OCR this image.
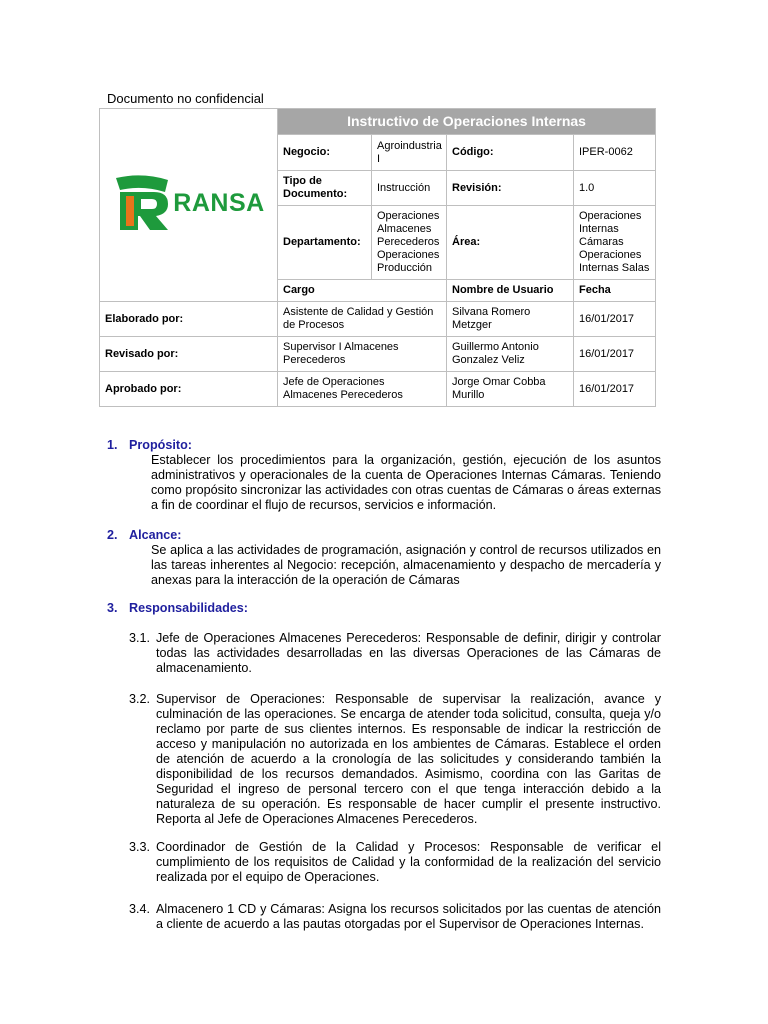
Documento no confidencial
RANSA	Instructivo de Operaciones Internas			
	Negocio:	Agroindustria I	Código:	IPER-0062
	Tipo de Documento:	Instrucción	Revisión:	1.0
	Departamento:	Operaciones Almacenes Perecederos Operaciones Producción	Área:	Operaciones Internas Cámaras Operaciones Internas Salas
	Cargo		Nombre de Usuario	Fecha
Elaborado por:	Asistente de Calidad y Gestión de Procesos		Silvana Romero Metzger	16/01/2017
Revisado por:	Supervisor I Almacenes Perecederos		Guillermo Antonio Gonzalez Veliz	16/01/2017
Aprobado por:	Jefe de Operaciones Almacenes Perecederos		Jorge Omar Cobba Murillo	16/01/2017
1. Propósito:
Establecer los procedimientos para la organización, gestión, ejecución de los asuntos administrativos y operacionales de la cuenta de Operaciones Internas Cámaras. Teniendo como propósito sincronizar las actividades con otras cuentas de Cámaras o áreas externas a fin de coordinar el flujo de recursos, servicios e información.
2. Alcance:
Se aplica a las actividades de programación, asignación y control de recursos utilizados en las tareas inherentes al Negocio: recepción, almacenamiento y despacho de mercadería y anexas para la interacción de la operación de Cámaras
3. Responsabilidades:
3.1. Jefe de Operaciones Almacenes Perecederos: Responsable de definir, dirigir y controlar todas las actividades desarrolladas en las diversas Operaciones de las Cámaras de almacenamiento.
3.2. Supervisor de Operaciones: Responsable de supervisar la realización, avance y culminación de las operaciones. Se encarga de atender toda solicitud, consulta, queja y/o reclamo por parte de sus clientes internos. Es responsable de indicar la restricción de acceso y manipulación no autorizada en los ambientes de Cámaras. Establece el orden de atención de acuerdo a la cronología de las solicitudes y considerando también la disponibilidad de los recursos demandados. Asimismo, coordina con las Garitas de Seguridad el ingreso de personal tercero con el que tenga interacción debido a la naturaleza de su operación. Es responsable de hacer cumplir el presente instructivo. Reporta al Jefe de Operaciones Almacenes Perecederos.
3.3. Coordinador de Gestión de la Calidad y Procesos: Responsable de verificar el cumplimiento de los requisitos de Calidad y la conformidad de la realización del servicio realizada por el equipo de Operaciones.
3.4. Almacenero 1 CD y Cámaras: Asigna los recursos solicitados por las cuentas de atención a cliente de acuerdo a las pautas otorgadas por el Supervisor de Operaciones Internas.
